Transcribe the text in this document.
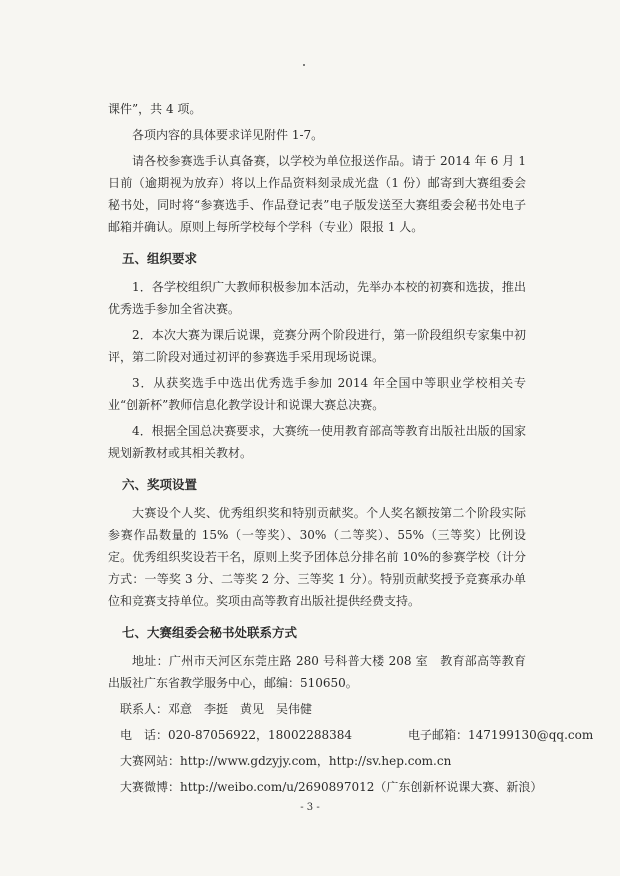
课件”，共 4 项。

各项内容的具体要求详见附件 1-7。

请各校参赛选手认真备赛，以学校为单位报送作品。请于 2014 年 6 月 1 日前（逾期视为放弃）将以上作品资料刻录成光盘（1 份）邮寄到大赛组委会秘书处，同时将“参赛选手、作品登记表”电子版发送至大赛组委会秘书处电子邮箱并确认。原则上每所学校每个学科（专业）限报 1 人。

五、组织要求

1．各学校组织广大教师积极参加本活动，先举办本校的初赛和选拔，推出优秀选手参加全省决赛。

2．本次大赛为课后说课，竞赛分两个阶段进行，第一阶段组织专家集中初评，第二阶段对通过初评的参赛选手采用现场说课。

3．从获奖选手中选出优秀选手参加 2014 年全国中等职业学校相关专业“创新杯”教师信息化教学设计和说课大赛总决赛。

4．根据全国总决赛要求，大赛统一使用教育部高等教育出版社出版的国家规划新教材或其相关教材。

六、奖项设置

大赛设个人奖、优秀组织奖和特别贡献奖。个人奖名额按第二个阶段实际参赛作品数量的 15%（一等奖）、30%（二等奖）、55%（三等奖）比例设定。优秀组织奖设若干名，原则上奖予团体总分排名前 10%的参赛学校（计分方式：一等奖 3 分、二等奖 2 分、三等奖 1 分）。特别贡献奖授予竞赛承办单位和竞赛支持单位。奖项由高等教育出版社提供经费支持。

七、大赛组委会秘书处联系方式

地址：广州市天河区东莞庄路 280 号科普大楼 208 室　教育部高等教育出版社广东省教学服务中心，邮编：510650。

联系人：邓意　李挺　黄见　吴伟健
电　话：020-87056922，18002288384	电子邮箱：147199130@qq.com
大赛网站：http://www.gdzyjy.com，http://sv.hep.com.cn
大赛微博：http://weibo.com/u/2690897012（广东创新杯说课大赛、新浪）
- 3 -
